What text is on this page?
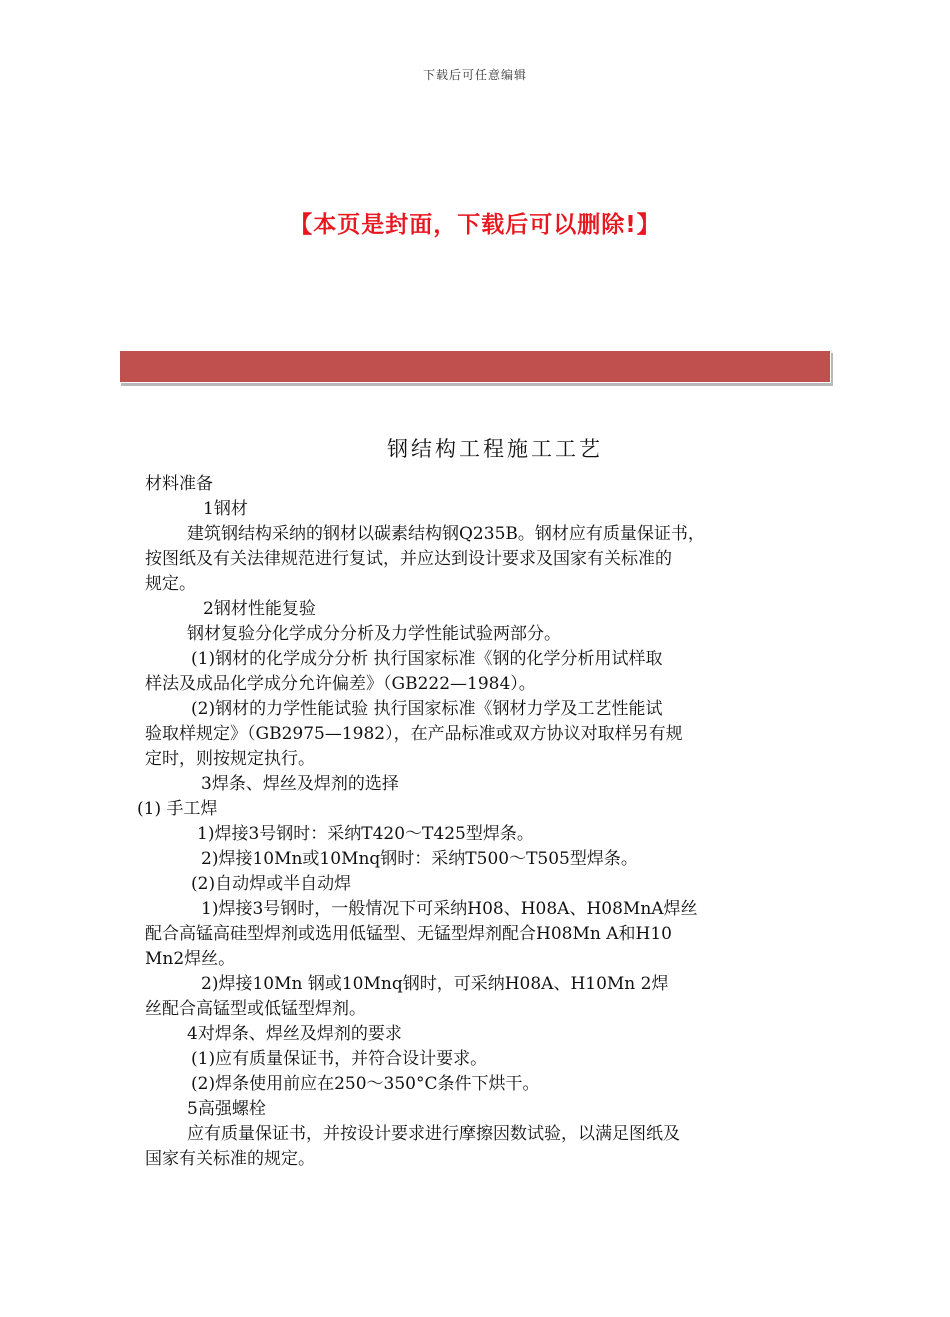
下载后可任意编辑
【本页是封面，下载后可以删除!】
钢结构工程施工工艺
材料准备
1钢材
建筑钢结构采纳的钢材以碳素结构钢Q235B。钢材应有质量保证书，
按图纸及有关法律规范进行复试，并应达到设计要求及国家有关标准的
规定。
2钢材性能复验
钢材复验分化学成分分析及力学性能试验两部分。
(1)钢材的化学成分分析 执行国家标准《钢的化学分析用试样取
样法及成品化学成分允许偏差》（GB222—1984）。
(2)钢材的力学性能试验 执行国家标准《钢材力学及工艺性能试
验取样规定》（GB2975—1982），在产品标准或双方协议对取样另有规
定时，则按规定执行。
3焊条、焊丝及焊剂的选择
(1) 手工焊
1)焊接3号钢时：采纳T420～T425型焊条。
2)焊接10Mn或10Mnq钢时：采纳T500～T505型焊条。
(2)自动焊或半自动焊
1)焊接3号钢时，一般情况下可采纳H08、H08A、H08MnA焊丝
配合高锰高硅型焊剂或选用低锰型、无锰型焊剂配合H08Mn A和H10
Mn2焊丝。
2)焊接10Mn 钢或10Mnq钢时，可采纳H08A、H10Mn 2焊
丝配合高锰型或低锰型焊剂。
4对焊条、焊丝及焊剂的要求
(1)应有质量保证书，并符合设计要求。
(2)焊条使用前应在250～350°C条件下烘干。
5高强螺栓
应有质量保证书，并按设计要求进行摩擦因数试验，以满足图纸及
国家有关标准的规定。
